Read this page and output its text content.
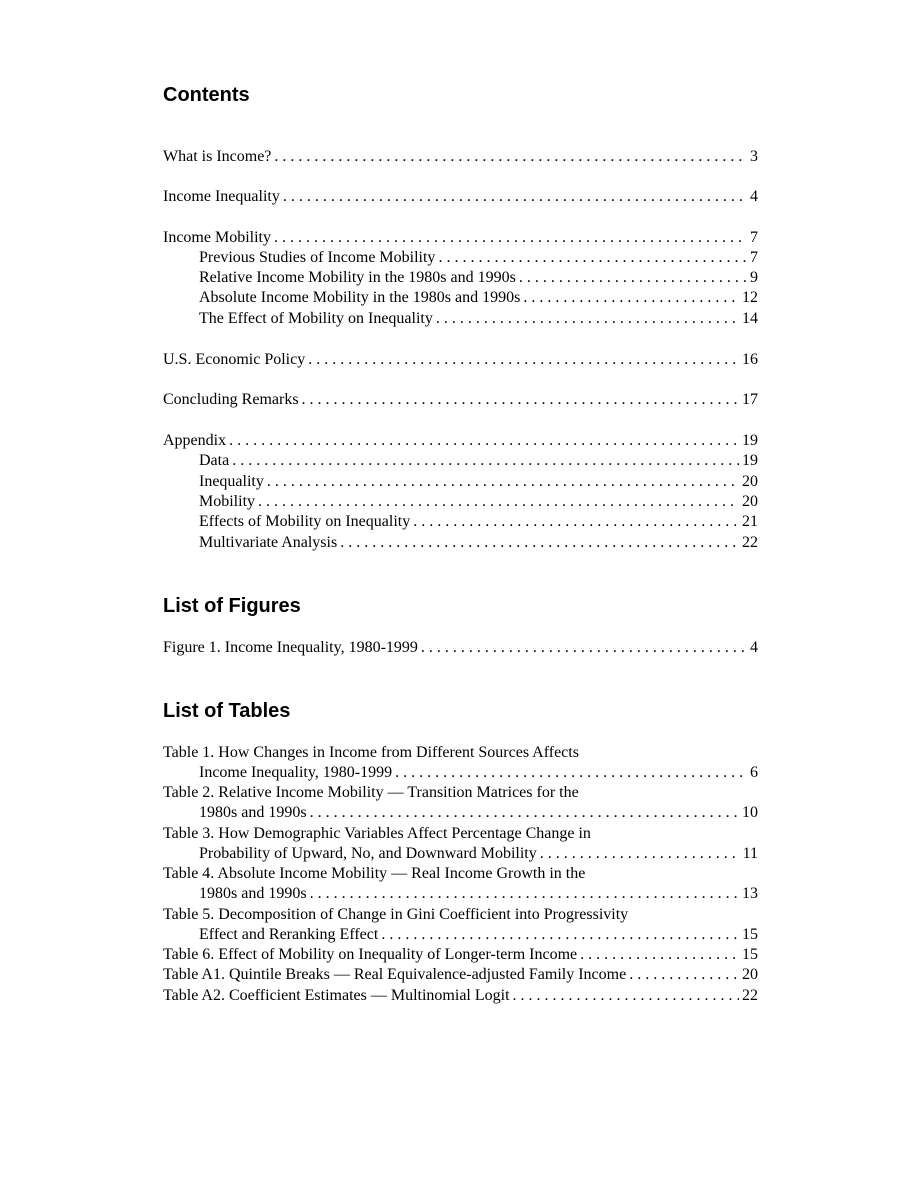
Contents
What is Income? . . .	3
Income Inequality . . .	4
Income Mobility . . .	7
Previous Studies of Income Mobility . . .	7
Relative Income Mobility in the 1980s and 1990s . . .	9
Absolute Income Mobility in the 1980s and 1990s . . .	12
The Effect of Mobility on Inequality . . .	14
U.S. Economic Policy . . .	16
Concluding Remarks . . .	17
Appendix . . .	19
Data . . .	19
Inequality . . .	20
Mobility . . .	20
Effects of Mobility on Inequality . . .	21
Multivariate Analysis . . .	22
List of Figures
Figure 1. Income Inequality, 1980-1999 . . .	4
List of Tables
Table 1. How Changes in Income from Different Sources Affects
Income Inequality, 1980-1999 . . .	6
Table 2. Relative Income Mobility — Transition Matrices for the
1980s and 1990s . . .	10
Table 3. How Demographic Variables Affect Percentage Change in
Probability of Upward, No, and Downward Mobility . . .	11
Table 4. Absolute Income Mobility — Real Income Growth in the
1980s and 1990s . . .	13
Table 5. Decomposition of Change in Gini Coefficient into Progressivity
Effect and Reranking Effect . . .	15
Table 6. Effect of Mobility on Inequality of Longer-term Income . . .	15
Table A1. Quintile Breaks — Real Equivalence-adjusted Family Income . . .	20
Table A2. Coefficient Estimates — Multinomial Logit . . .	22
